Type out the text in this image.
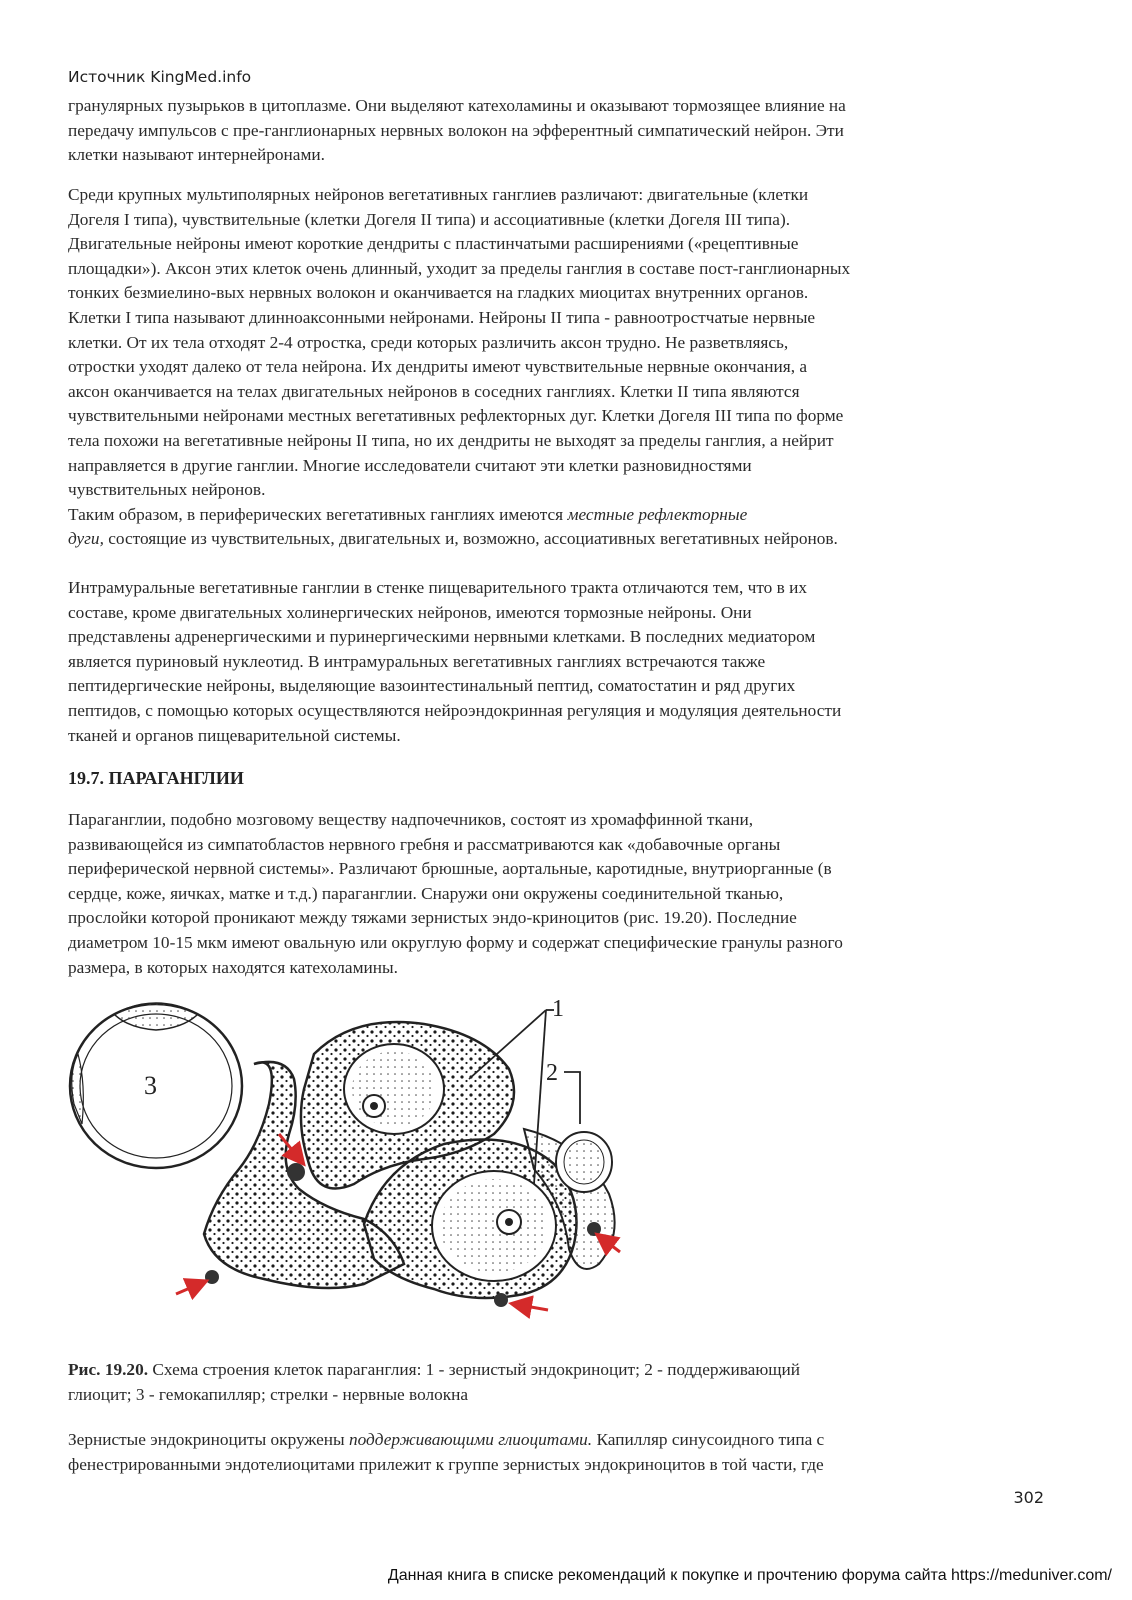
Источник KingMed.info
гранулярных пузырьков в цитоплазме. Они выделяют катехоламины и оказывают тормозящее влияние на
передачу импульсов с пре-ганглионарных нервных волокон на эфферентный симпатический нейрон. Эти
клетки называют интернейронами.
Среди крупных мультиполярных нейронов вегетативных ганглиев различают: двигательные (клетки
Догеля I типа), чувствительные (клетки Догеля II типа) и ассоциативные (клетки Догеля III типа).
Двигательные нейроны имеют короткие дендриты с пластинчатыми расширениями («рецептивные
площадки»). Аксон этих клеток очень длинный, уходит за пределы ганглия в составе пост-ганглионарных
тонких безмиелино-вых нервных волокон и оканчивается на гладких миоцитах внутренних органов.
Клетки I типа называют длинноаксонными нейронами. Нейроны II типа - равноотростчатые нервные
клетки. От их тела отходят 2-4 отростка, среди которых различить аксон трудно. Не разветвляясь,
отростки уходят далеко от тела нейрона. Их дендриты имеют чувствительные нервные окончания, а
аксон оканчивается на телах двигательных нейронов в соседних ганглиях. Клетки II типа являются
чувствительными нейронами местных вегетативных рефлекторных дуг. Клетки Догеля III типа по форме
тела похожи на вегетативные нейроны II типа, но их дендриты не выходят за пределы ганглия, а нейрит
направляется в другие ганглии. Многие исследователи считают эти клетки разновидностями
чувствительных нейронов.
Таким образом, в периферических вегетативных ганглиях имеются местные рефлекторные
дуги, состоящие из чувствительных, двигательных и, возможно, ассоциативных вегетативных нейронов.
Интрамуральные вегетативные ганглии в стенке пищеварительного тракта отличаются тем, что в их
составе, кроме двигательных холинергических нейронов, имеются тормозные нейроны. Они
представлены адренергическими и пуринергическими нервными клетками. В последних медиатором
является пуриновый нуклеотид. В интрамуральных вегетативных ганглиях встречаются также
пептидергические нейроны, выделяющие вазоинтестинальный пептид, соматостатин и ряд других
пептидов, с помощью которых осуществляются нейроэндокринная регуляция и модуляция деятельности
тканей и органов пищеварительной системы.
19.7. ПАРАГАНГЛИИ
Параганглии, подобно мозговому веществу надпочечников, состоят из хромаффинной ткани,
развивающейся из симпатобластов нервного гребня и рассматриваются как «добавочные органы
периферической нервной системы». Различают брюшные, аортальные, каротидные, внутриорганные (в
сердце, коже, яичках, матке и т.д.) параганглии. Снаружи они окружены соединительной тканью,
прослойки которой проникают между тяжами зернистых эндо-криноцитов (рис. 19.20). Последние
диаметром 10-15 мкм имеют овальную или округлую форму и содержат специфические гранулы разного
размера, в которых находятся катехоламины.
1
2
3
Рис. 19.20. Схема строения клеток параганглия: 1 - зернистый эндокриноцит; 2 - поддерживающий
глиоцит; 3 - гемокапилляр; стрелки - нервные волокна
Зернистые эндокриноциты окружены поддерживающими глиоцитами. Капилляр синусоидного типа с
фенестрированными эндотелиоцитами прилежит к группе зернистых эндокриноцитов в той части, где
302
Данная книга в списке рекомендаций к покупке и прочтению форума сайта https://meduniver.com/
